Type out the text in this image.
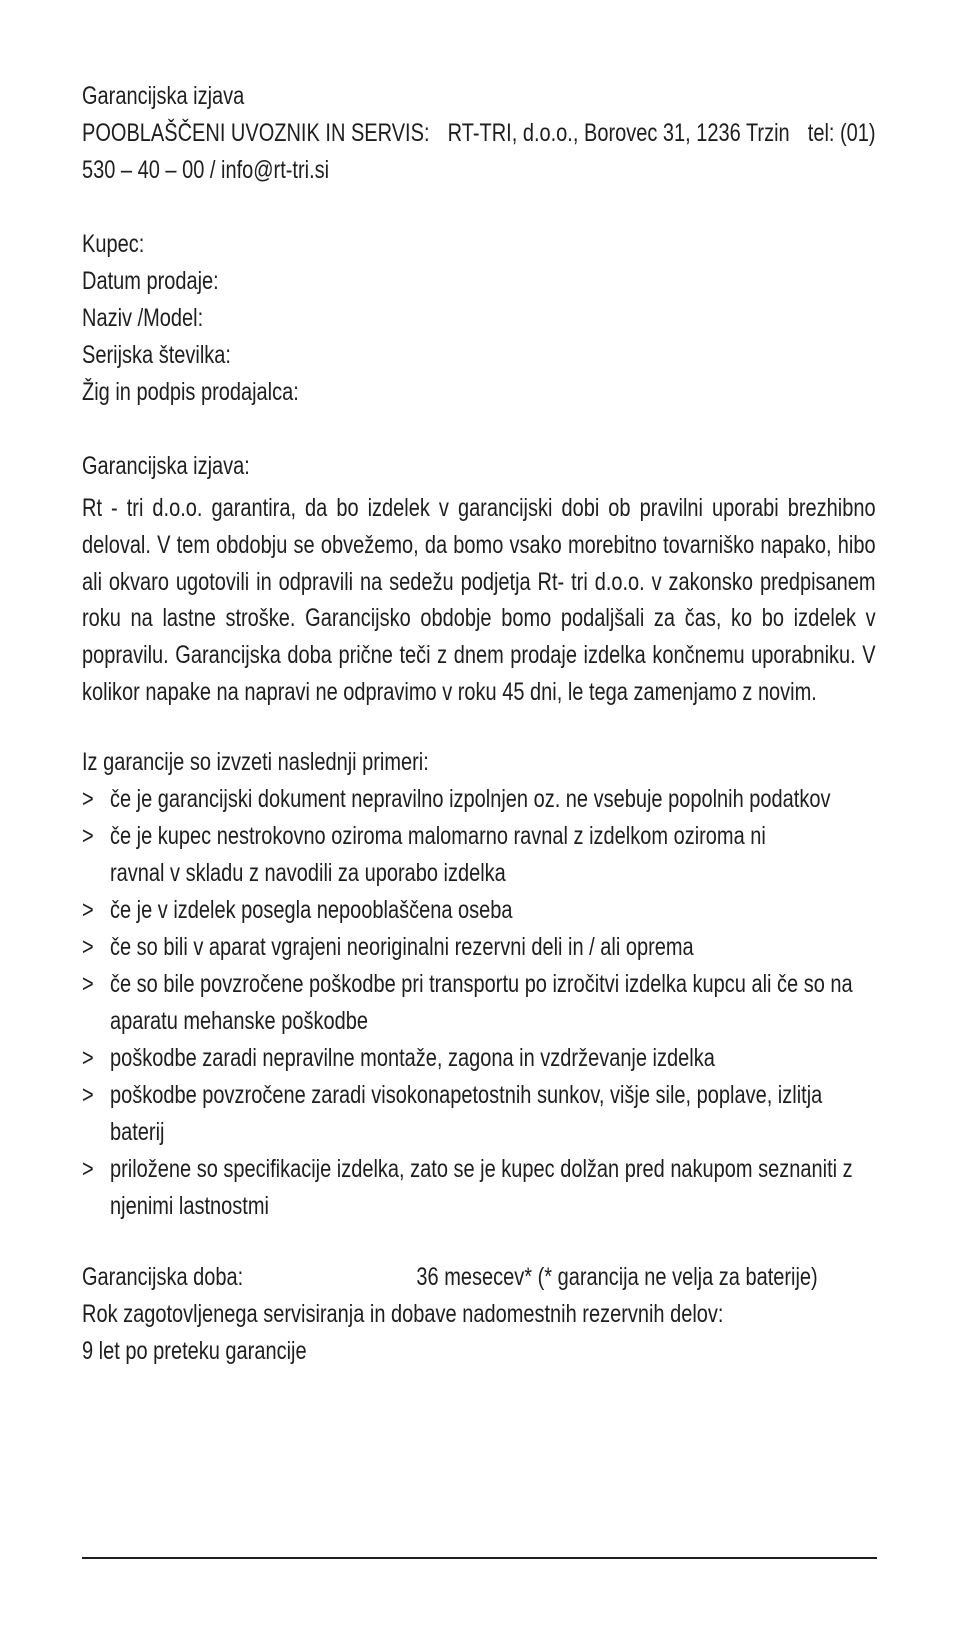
Garancijska izjava
POOBLAŠČENI UVOZNIK IN SERVIS: RT-TRI, d.o.o., Borovec 31, 1236 Trzin tel: (01)
530 – 40 – 00 / info@rt-tri.si
Kupec:
Datum prodaje:
Naziv /Model:
Serijska številka:
Žig in podpis prodajalca:
Garancijska izjava:
Rt - tri d.o.o. garantira, da bo izdelek v garancijski dobi ob pravilni uporabi brezhibno deloval. V tem obdobju se obvežemo, da bomo vsako morebitno tovarniško napako, hibo ali okvaro ugotovili in odpravili na sedežu podjetja Rt- tri d.o.o. v zakonsko predpisanem roku na lastne stroške. Garancijsko obdobje bomo podaljšali za čas, ko bo izdelek v popravilu. Garancijska doba prične teči z dnem prodaje izdelka končnemu uporabniku. V kolikor napake na napravi ne odpravimo v roku 45 dni, le tega zamenjamo z novim.
Iz garancije so izvzeti naslednji primeri:
> če je garancijski dokument nepravilno izpolnjen oz. ne vsebuje popolnih podatkov
> če je kupec nestrokovno oziroma malomarno ravnal z izdelkom oziroma ni ravnal v skladu z navodili za uporabo izdelka
> če je v izdelek posegla nepooblaščena oseba
> če so bili v aparat vgrajeni neoriginalni rezervni deli in / ali oprema
> če so bile povzročene poškodbe pri transportu po izročitvi izdelka kupcu ali če so na aparatu mehanske poškodbe
> poškodbe zaradi nepravilne montaže, zagona in vzdrževanje izdelka
> poškodbe povzročene zaradi visokonapetostnih sunkov, višje sile, poplave, izlitja baterij
> priložene so specifikacije izdelka, zato se je kupec dolžan pred nakupom seznaniti z njenimi lastnostmi
Garancijska doba:	36 mesecev* (* garancija ne velja za baterije)
Rok zagotovljenega servisiranja in dobave nadomestnih rezervnih delov:
9 let po preteku garancije
